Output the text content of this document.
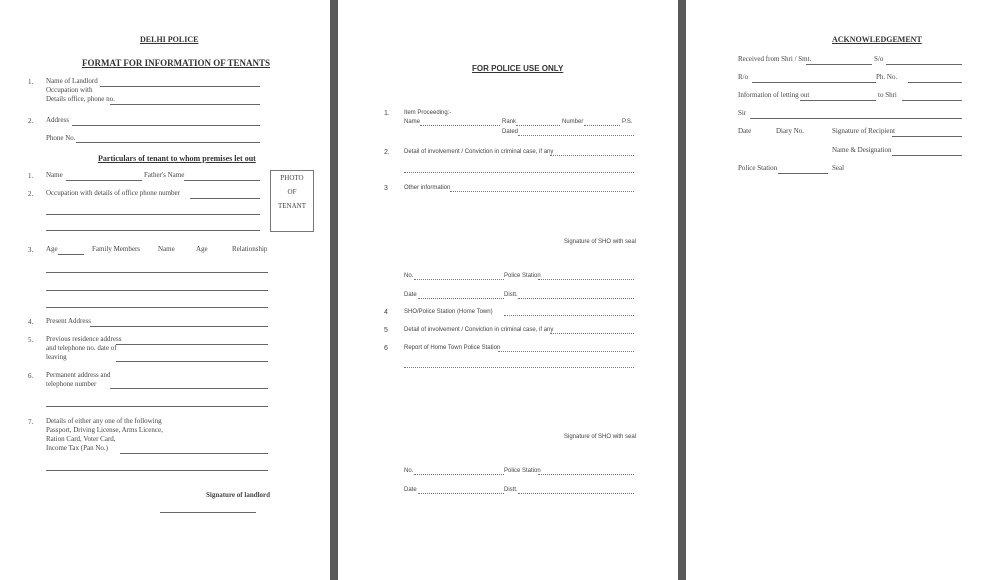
DELHI POLICE
FORMAT FOR INFORMATION OF TENANTS
1. Name of Landlord
Occupation with
Details office, phone no.
2. Address
Phone No.
Particulars of tenant to whom premises let out
1. Name	Father's Name
2. Occupation with details of office phone number
PHOTO
OF
TENANT
3. Age	Family Members	Name	Age	Relationship
4. Present Address
5. Previous residence address
and telephone no. date of
leaving
6. Permanent address and
telephone number
7. Details of either any one of the following
Passport, Driving License, Arms Licence,
Ration Card, Voter Card,
Income Tax (Pan No.)
Signature of landlord
FOR POLICE USE ONLY
1. Item Proceeding:-
Name	Rank	Number	P.S.
Dated
2. Detail of involvement / Conviction in criminal case, if any
3	Other information
Signature of SHO with seal
No.	Police Station
Date	Distt.
4	SHO/Police Station (Home Town)
5	Detail of involvement / Conviction in criminal case, if any
6	Report of Home Town Police Station
Signature of SHO with seal
No.	Police Station
Date	Distt.
ACKNOWLEDGEMENT
Received from Shri / Smt.	S/o
R/o	Ph. No.
Information of letting out	to Shri
Sir
Date	Diary No.	Signature of Recipient
Name & Designation
Police Station	Seal
